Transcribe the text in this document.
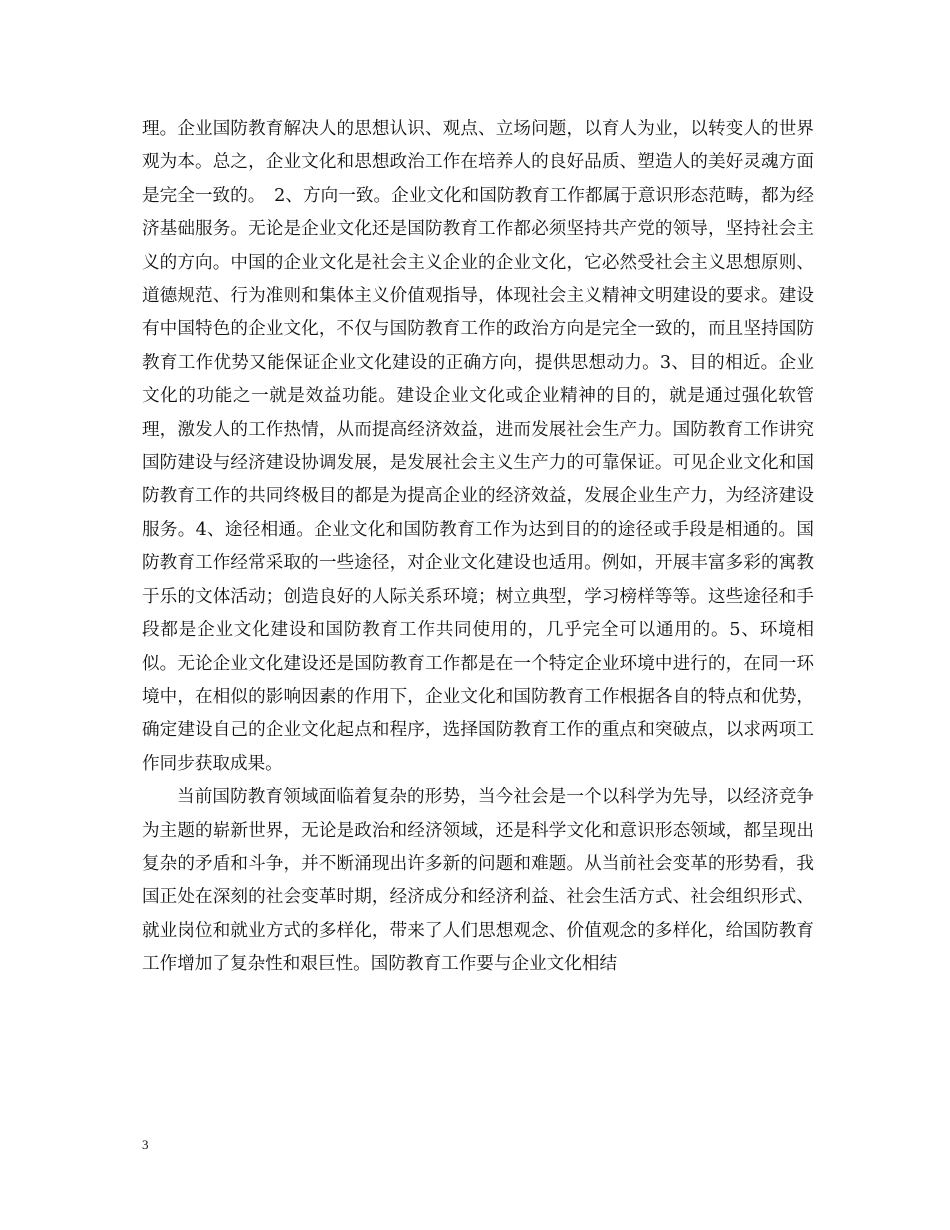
理。企业国防教育解决人的思想认识、观点、立场问题，以育人为业，以转变人的世界观为本。总之，企业文化和思想政治工作在培养人的良好品质、塑造人的美好灵魂方面是完全一致的。　2、方向一致。企业文化和国防教育工作都属于意识形态范畴，都为经济基础服务。无论是企业文化还是国防教育工作都必须坚持共产党的领导，坚持社会主义的方向。中国的企业文化是社会主义企业的企业文化，它必然受社会主义思想原则、道德规范、行为准则和集体主义价值观指导，体现社会主义精神文明建设的要求。建设有中国特色的企业文化，不仅与国防教育工作的政治方向是完全一致的，而且坚持国防教育工作优势又能保证企业文化建设的正确方向，提供思想动力。3、目的相近。企业文化的功能之一就是效益功能。建设企业文化或企业精神的目的，就是通过强化软管理，激发人的工作热情，从而提高经济效益，进而发展社会生产力。国防教育工作讲究国防建设与经济建设协调发展，是发展社会主义生产力的可靠保证。可见企业文化和国防教育工作的共同终极目的都是为提高企业的经济效益，发展企业生产力，为经济建设服务。4、途径相通。企业文化和国防教育工作为达到目的的途径或手段是相通的。国防教育工作经常采取的一些途径，对企业文化建设也适用。例如，开展丰富多彩的寓教于乐的文体活动；创造良好的人际关系环境；树立典型，学习榜样等等。这些途径和手段都是企业文化建设和国防教育工作共同使用的，几乎完全可以通用的。5、环境相似。无论企业文化建设还是国防教育工作都是在一个特定企业环境中进行的，在同一环境中，在相似的影响因素的作用下，企业文化和国防教育工作根据各自的特点和优势，确定建设自己的企业文化起点和程序，选择国防教育工作的重点和突破点，以求两项工作同步获取成果。

当前国防教育领域面临着复杂的形势，当今社会是一个以科学为先导，以经济竞争为主题的崭新世界，无论是政治和经济领域，还是科学文化和意识形态领域，都呈现出复杂的矛盾和斗争，并不断涌现出许多新的问题和难题。从当前社会变革的形势看，我国正处在深刻的社会变革时期，经济成分和经济利益、社会生活方式、社会组织形式、就业岗位和就业方式的多样化，带来了人们思想观念、价值观念的多样化，给国防教育工作增加了复杂性和艰巨性。国防教育工作要与企业文化相结

3
